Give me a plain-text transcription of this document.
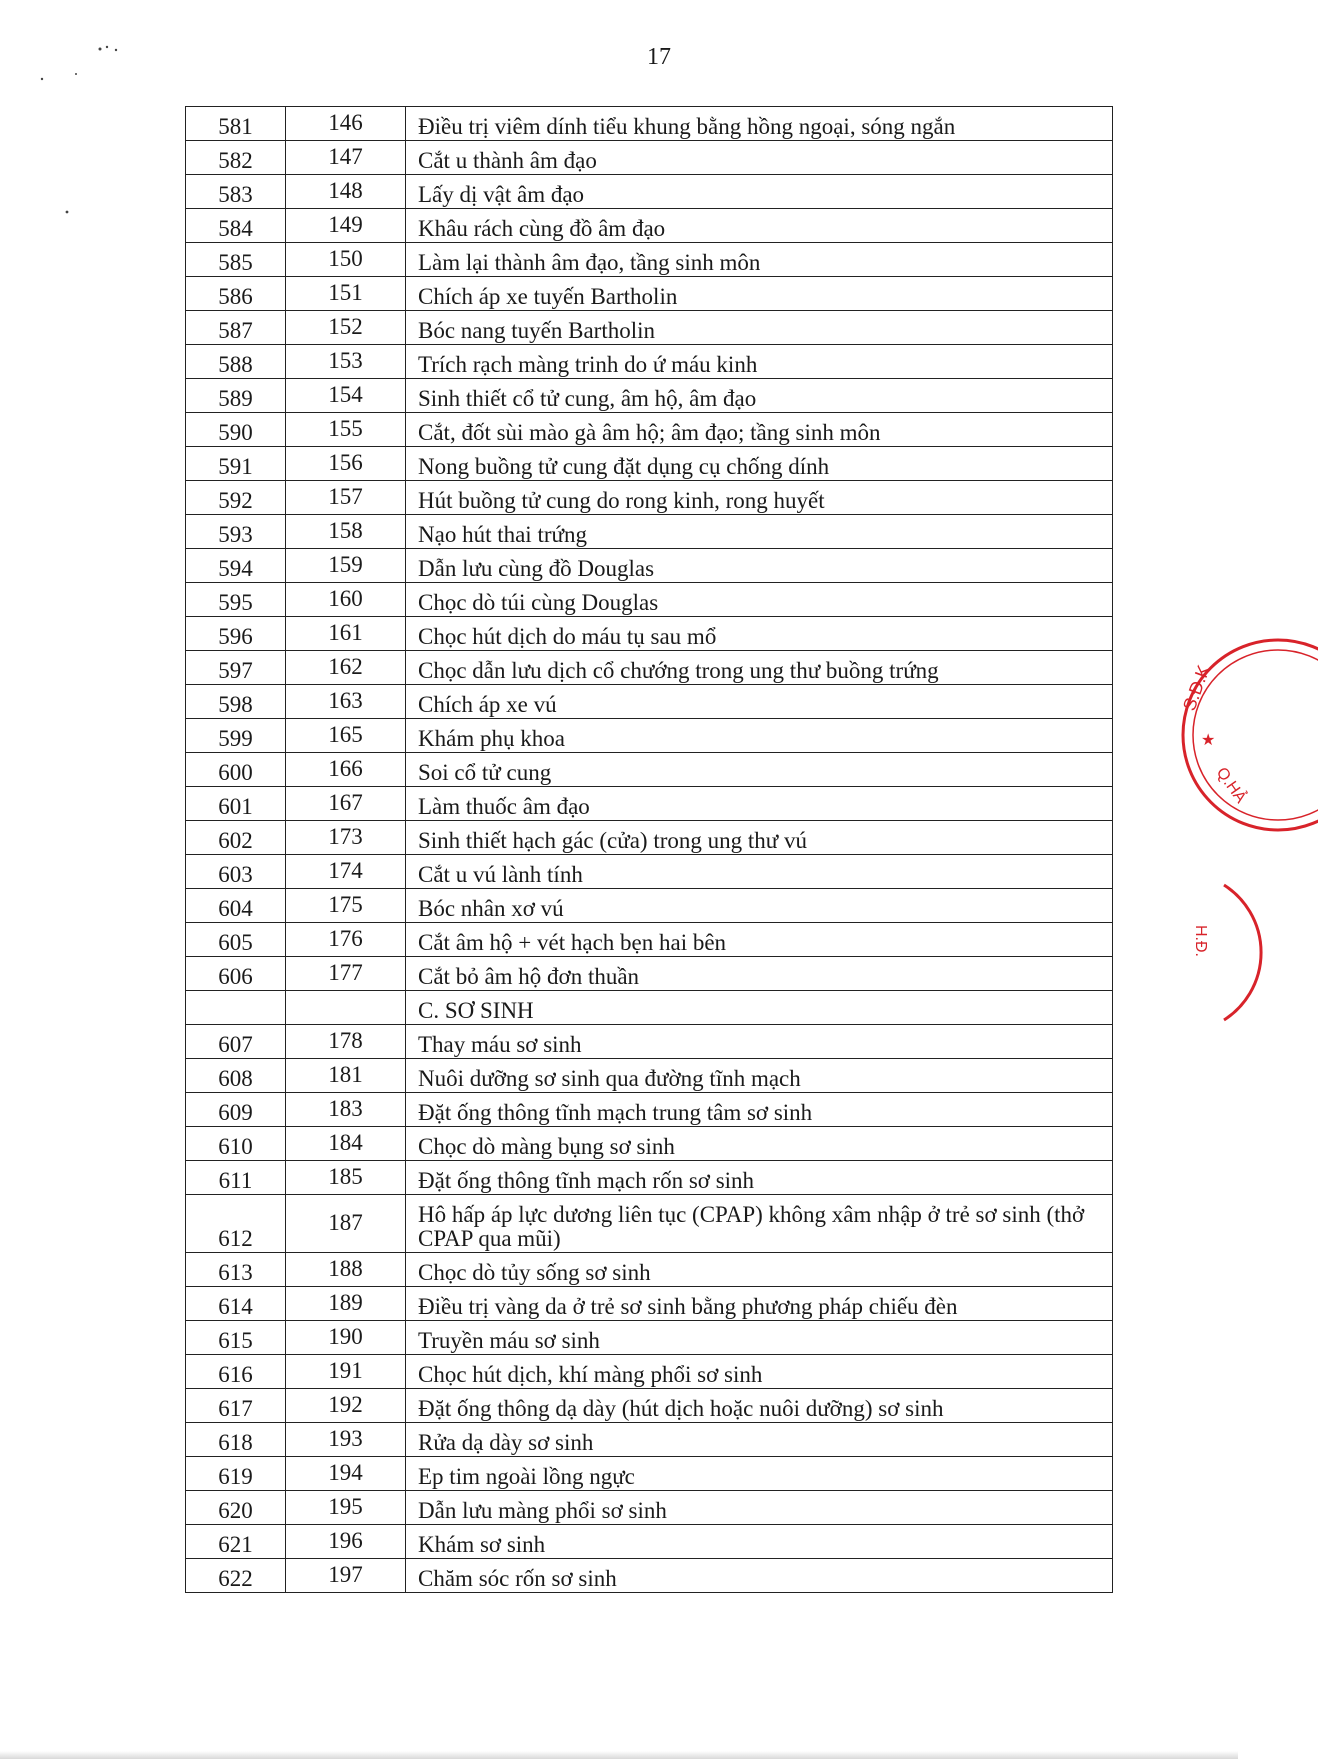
17
581	146	Điều trị viêm dính tiểu khung bằng hồng ngoại, sóng ngắn
582	147	Cắt u thành âm đạo
583	148	Lấy dị vật âm đạo
584	149	Khâu rách cùng đồ âm đạo
585	150	Làm lại thành âm đạo, tầng sinh môn
586	151	Chích áp xe tuyến Bartholin
587	152	Bóc nang tuyến Bartholin
588	153	Trích rạch màng trinh do ứ máu kinh
589	154	Sinh thiết cổ tử cung, âm hộ, âm đạo
590	155	Cắt, đốt sùi mào gà âm hộ; âm đạo; tầng sinh môn
591	156	Nong buồng tử cung đặt dụng cụ chống dính
592	157	Hút buồng tử cung do rong kinh, rong huyết
593	158	Nạo hút thai trứng
594	159	Dẫn lưu cùng đồ Douglas
595	160	Chọc dò túi cùng Douglas
596	161	Chọc hút dịch do máu tụ sau mổ
597	162	Chọc dẫn lưu dịch cổ chướng trong ung thư buồng trứng
598	163	Chích áp xe vú
599	165	Khám phụ khoa
600	166	Soi cổ tử cung
601	167	Làm thuốc âm đạo
602	173	Sinh thiết hạch gác (cửa) trong ung thư vú
603	174	Cắt u vú lành tính
604	175	Bóc nhân xơ vú
605	176	Cắt âm hộ + vét hạch bẹn hai bên
606	177	Cắt bỏ âm hộ đơn thuần
		C. SƠ SINH
607	178	Thay máu sơ sinh
608	181	Nuôi dưỡng sơ sinh qua đường tĩnh mạch
609	183	Đặt ống thông tĩnh mạch trung tâm sơ sinh
610	184	Chọc dò màng bụng sơ sinh
611	185	Đặt ống thông tĩnh mạch rốn sơ sinh
612	187	Hô hấp áp lực dương liên tục (CPAP) không xâm nhập ở trẻ sơ sinh (thở CPAP qua mũi)
613	188	Chọc dò tủy sống sơ sinh
614	189	Điều trị vàng da ở trẻ sơ sinh bằng phương pháp chiếu đèn
615	190	Truyền máu sơ sinh
616	191	Chọc hút dịch, khí màng phổi sơ sinh
617	192	Đặt ống thông dạ dày (hút dịch hoặc nuôi dưỡng) sơ sinh
618	193	Rửa dạ dày sơ sinh
619	194	Ep tim ngoài lồng ngực
620	195	Dẫn lưu màng phổi sơ sinh
621	196	Khám sơ sinh
622	197	Chăm sóc rốn sơ sinh
S.Đ.K
★
Q.HẢ
H.Đ.
